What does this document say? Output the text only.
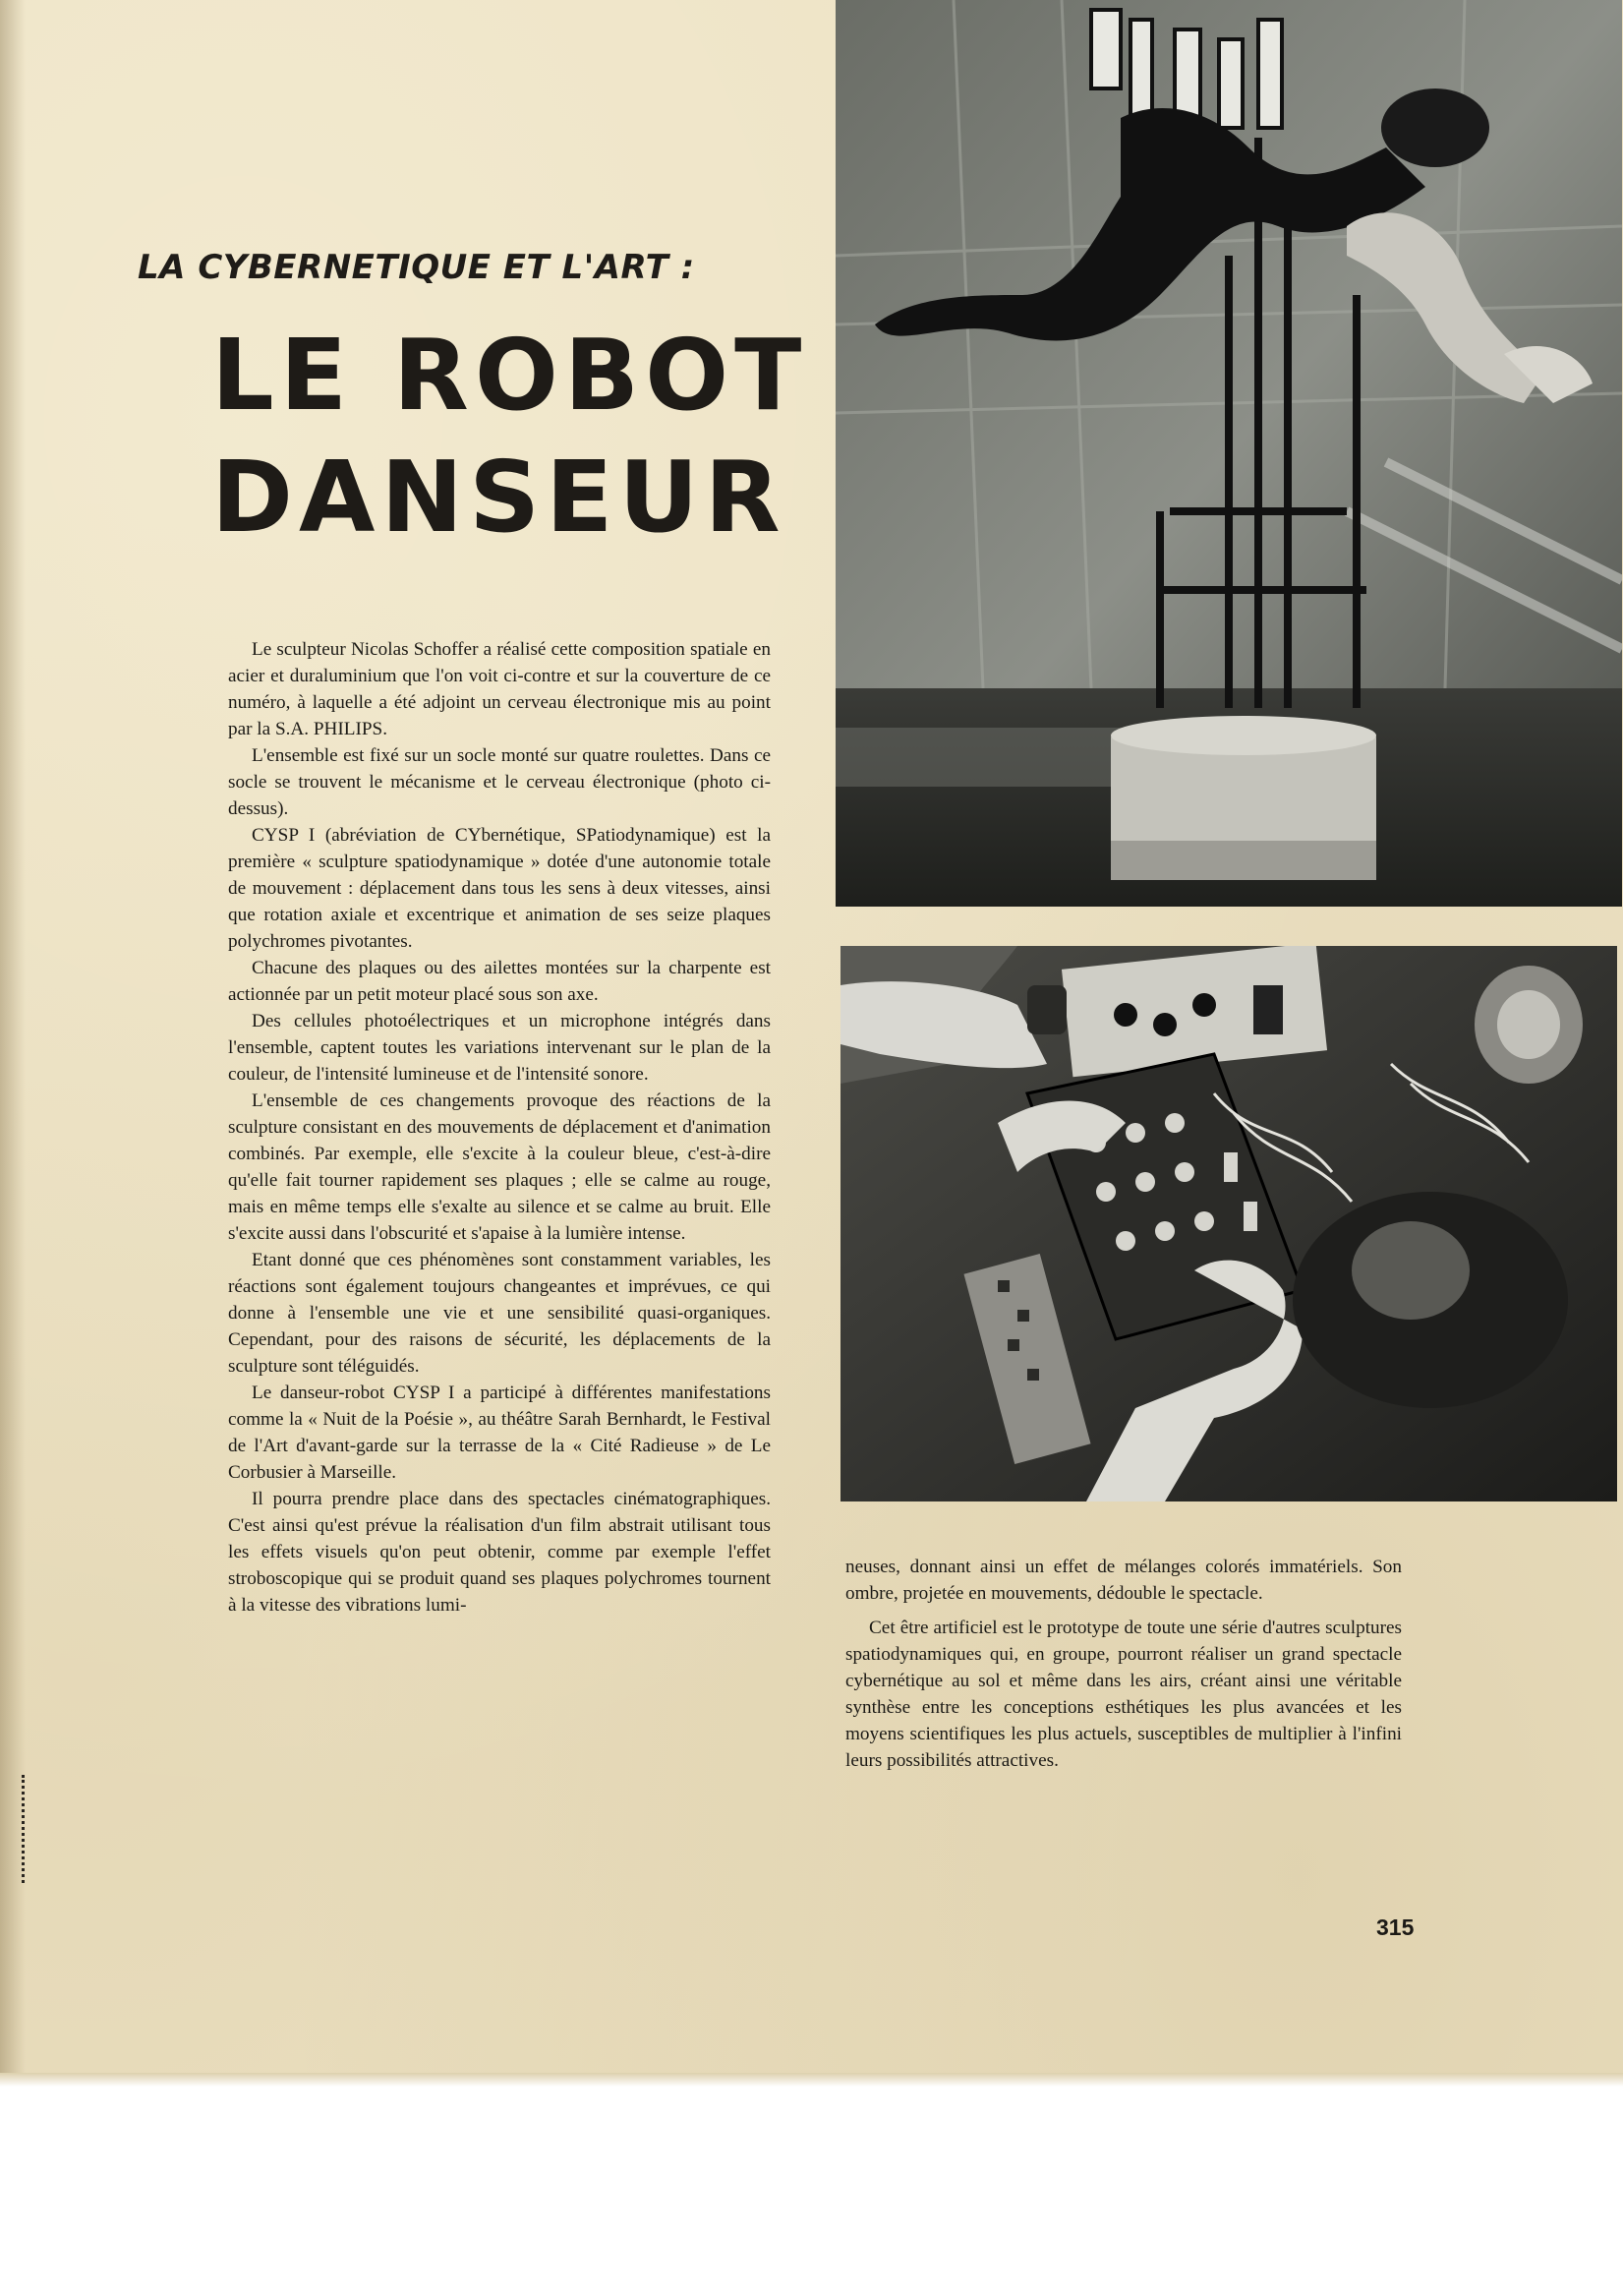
LA CYBERNETIQUE ET L'ART :
LE ROBOT
DANSEUR

Le sculpteur Nicolas Schoffer a réalisé cette composition spatiale en acier et duraluminium que l'on voit ci-contre et sur la couverture de ce numéro, à laquelle a été adjoint un cerveau électronique mis au point par la S.A. PHILIPS.

L'ensemble est fixé sur un socle monté sur quatre roulettes. Dans ce socle se trouvent le mécanisme et le cerveau électronique (photo ci-dessus).

CYSP I (abréviation de CYbernétique, SPatiodynamique) est la première « sculpture spatiodynamique » dotée d'une autonomie totale de mouvement : déplacement dans tous les sens à deux vitesses, ainsi que rotation axiale et excentrique et animation de ses seize plaques polychromes pivotantes.

Chacune des plaques ou des ailettes montées sur la charpente est actionnée par un petit moteur placé sous son axe.

Des cellules photoélectriques et un microphone intégrés dans l'ensemble, captent toutes les variations intervenant sur le plan de la couleur, de l'intensité lumineuse et de l'intensité sonore.

L'ensemble de ces changements provoque des réactions de la sculpture consistant en des mouvements de déplacement et d'animation combinés. Par exemple, elle s'excite à la couleur bleue, c'est-à-dire qu'elle fait tourner rapidement ses plaques ; elle se calme au rouge, mais en même temps elle s'exalte au silence et se calme au bruit. Elle s'excite aussi dans l'obscurité et s'apaise à la lumière intense.

Etant donné que ces phénomènes sont constamment variables, les réactions sont également toujours changeantes et imprévues, ce qui donne à l'ensemble une vie et une sensibilité quasi-organiques. Cependant, pour des raisons de sécurité, les déplacements de la sculpture sont téléguidés.

Le danseur-robot CYSP I a participé à différentes manifestations comme la « Nuit de la Poésie », au théâtre Sarah Bernhardt, le Festival de l'Art d'avant-garde sur la terrasse de la « Cité Radieuse » de Le Corbusier à Marseille.

Il pourra prendre place dans des spectacles cinématographiques. C'est ainsi qu'est prévue la réalisation d'un film abstrait utilisant tous les effets visuels qu'on peut obtenir, comme par exemple l'effet stroboscopique qui se produit quand ses plaques polychromes tournent à la vitesse des vibrations lumi-

neuses, donnant ainsi un effet de mélanges colorés immatériels. Son ombre, projetée en mouvements, dédouble le spectacle.

Cet être artificiel est le prototype de toute une série d'autres sculptures spatiodynamiques qui, en groupe, pourront réaliser un grand spectacle cybernétique au sol et même dans les airs, créant ainsi une véritable synthèse entre les conceptions esthétiques les plus avancées et les moyens scientifiques les plus actuels, susceptibles de multiplier à l'infini leurs possibilités attractives.

315
